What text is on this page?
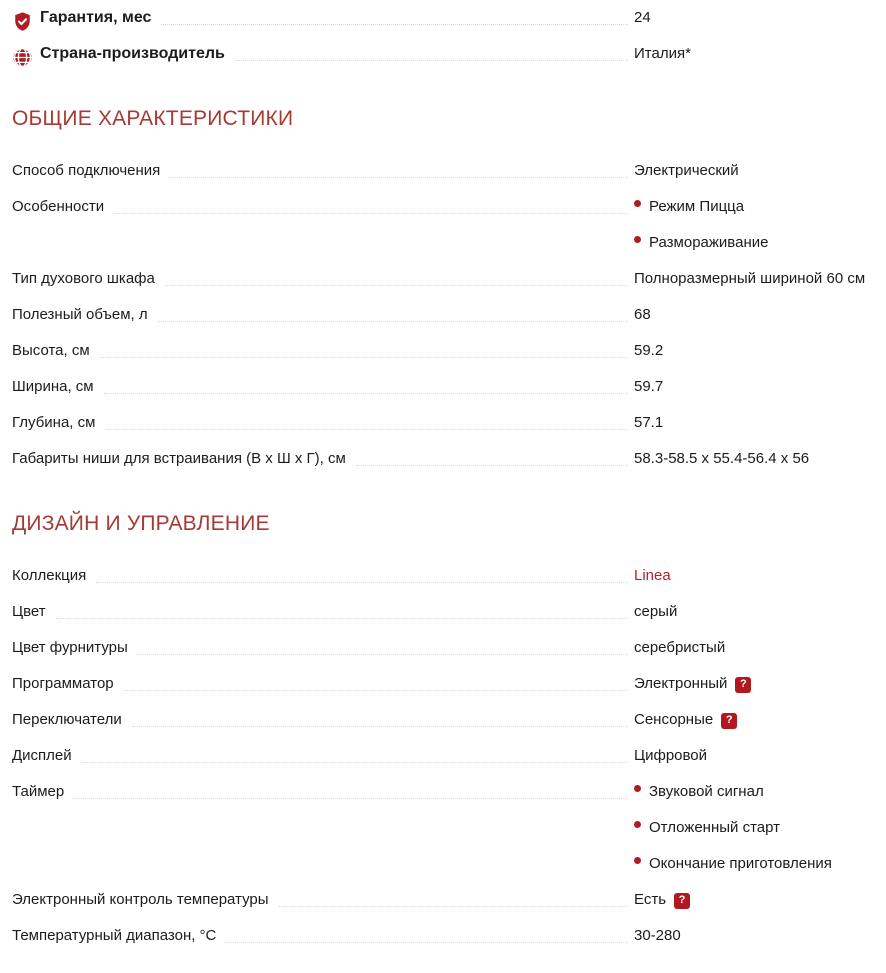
Гарантия, мес	24
Страна-производитель	Италия*
ОБЩИЕ ХАРАКТЕРИСТИКИ
Способ подключения	Электрический
Особенности	Режим Пицца
Размораживание
Тип духового шкафа	Полноразмерный шириной 60 см
Полезный объем, л	68
Высота, см	59.2
Ширина, см	59.7
Глубина, см	57.1
Габариты ниши для встраивания (В х Ш х Г), см	58.3-58.5 x 55.4-56.4 x 56
ДИЗАЙН И УПРАВЛЕНИЕ
Коллекция	Linea
Цвет	серый
Цвет фурнитуры	серебристый
Программатор	Электронный ?
Переключатели	Сенсорные ?
Дисплей	Цифровой
Таймер	Звуковой сигнал
Отложенный старт
Окончание приготовления
Электронный контроль температуры	Есть ?
Температурный диапазон, °С	30-280
